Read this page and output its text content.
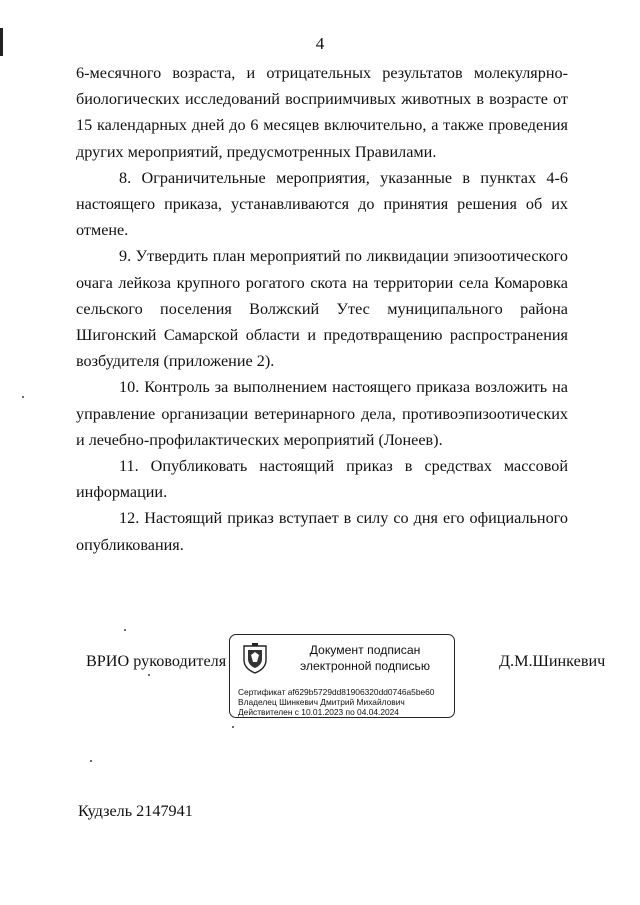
4

6-месячного возраста, и отрицательных результатов молекулярно-биологических исследований восприимчивых животных в возрасте от 15 календарных дней до 6 месяцев включительно, а также проведения других мероприятий, предусмотренных Правилами.

8. Ограничительные мероприятия, указанные в пунктах 4-6 настоящего приказа, устанавливаются до принятия решения об их отмене.

9. Утвердить план мероприятий по ликвидации эпизоотического очага лейкоза крупного рогатого скота на территории села Комаровка сельского поселения Волжский Утес муниципального района Шигонский Самарской области и предотвращению распространения возбудителя (приложение 2).

10. Контроль за выполнением настоящего приказа возложить на управление организации ветеринарного дела, противоэпизоотических и лечебно-профилактических мероприятий (Лонеев).

11. Опубликовать настоящий приказ в средствах массовой информации.

12. Настоящий приказ вступает в силу со дня его официального опубликования.

ВРИО руководителя
Документ подписан
электронной подписью
Сертификат af629b5729dd81906320dd0746a5be60
Владелец Шинкевич Дмитрий Михайлович
Действителен с 10.01.2023 по 04.04.2024
Д.М.Шинкевич
Кудзель 2147941
